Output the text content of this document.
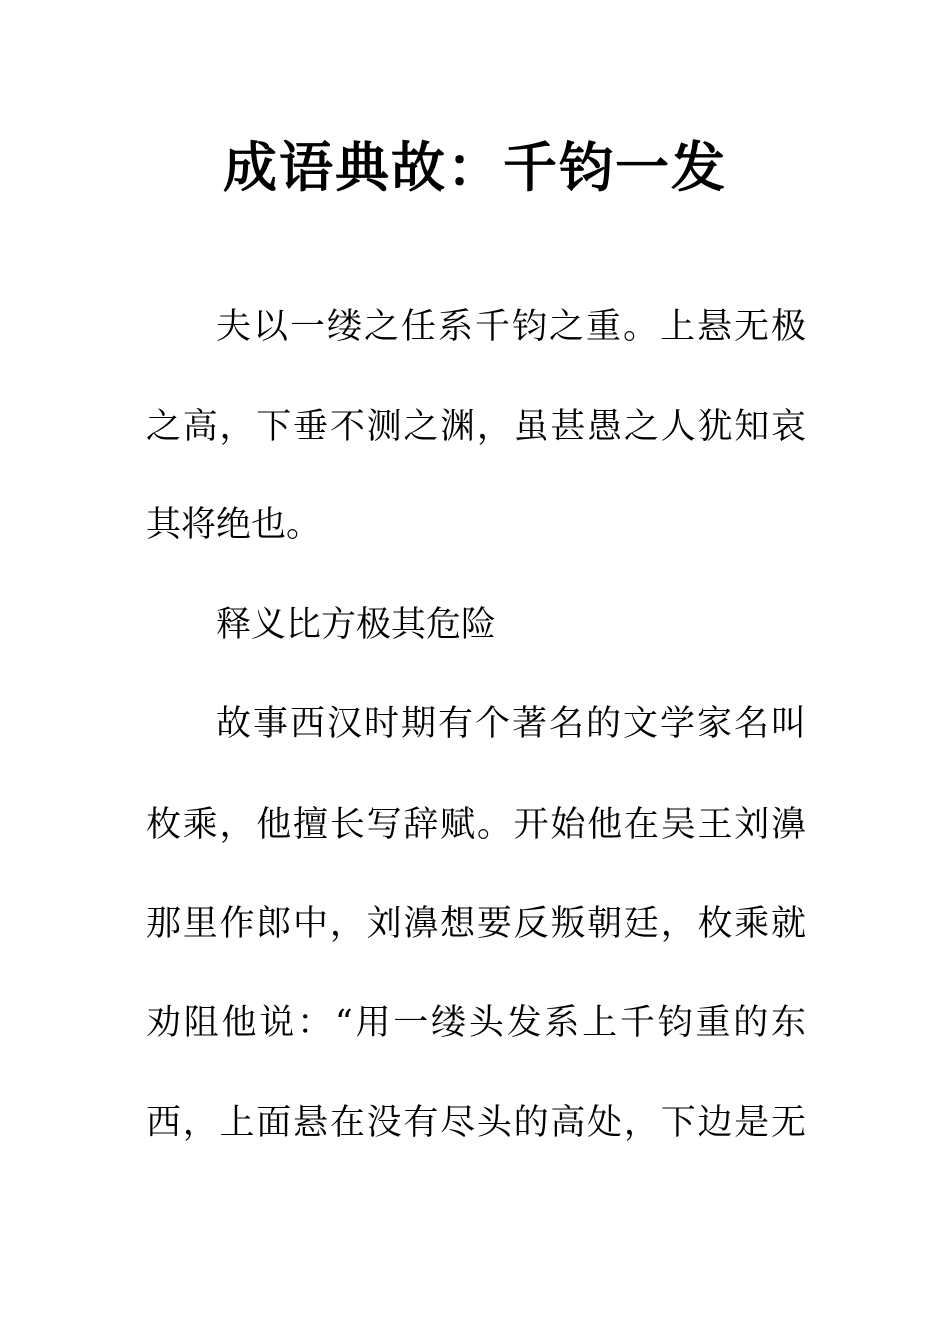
成语典故：千钧一发
夫以一缕之任系千钧之重。上悬无极
之高，下垂不测之渊，虽甚愚之人犹知哀
其将绝也。
释义比方极其危险
故事西汉时期有个著名的文学家名叫
枚乘，他擅长写辞赋。开始他在吴王刘濞
那里作郎中，刘濞想要反叛朝廷，枚乘就
劝阻他说：“用一缕头发系上千钧重的东
西，上面悬在没有尽头的高处，下边是无
